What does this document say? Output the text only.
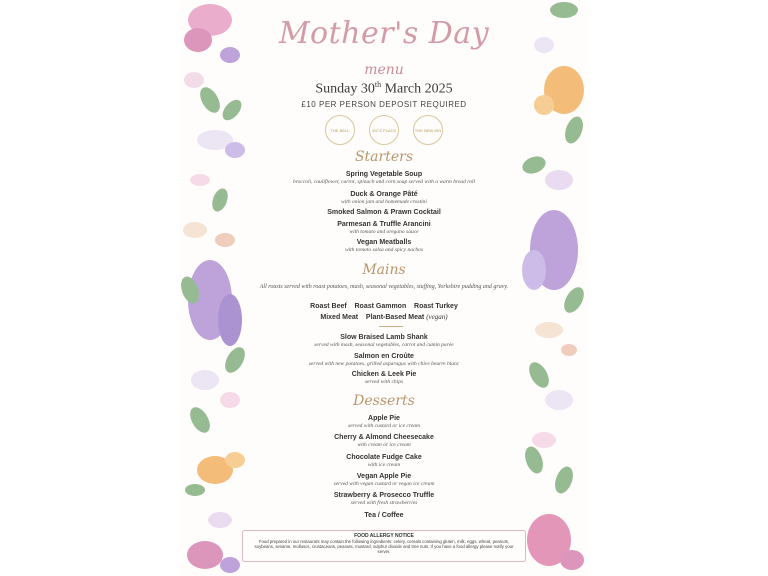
Mother's Day
menu
Sunday 30th March 2025
£10 PER PERSON DEPOSIT REQUIRED
THE BELL	VIC'S PLACE	THE NEW INN
Starters
Spring Vegetable Soup
broccoli, cauliflower, carrot, spinach and corn soup served with a warm bread roll
Duck & Orange Pâté
with onion jam and homemade crostini
Smoked Salmon & Prawn Cocktail
Parmesan & Truffle Arancini
with tomato and oregano sauce
Vegan Meatballs
with tomato salsa and spicy nachos
Mains
All roasts served with roast potatoes, mash, seasonal vegetables, stuffing, Yorkshire pudding and gravy.
Roast Beef Roast Gammon Roast Turkey
Mixed Meat Plant-Based Meat (vegan)
Slow Braised Lamb Shank
served with mash, seasonal vegetables, carrot and cumin purée
Salmon en Croûte
served with new potatoes, grilled asparagus with chive beurre blanc
Chicken & Leek Pie
served with chips
Desserts
Apple Pie
served with custard or ice cream
Cherry & Almond Cheesecake
with cream or ice cream
Chocolate Fudge Cake
with ice cream
Vegan Apple Pie
served with vegan custard or vegan ice cream
Strawberry & Prosecco Truffle
served with fresh strawberries
Tea / Coffee
FOOD ALLERGY NOTICE
Food prepared in our restaurant may contain the following ingredients: celery, cereals containing gluten, milk, eggs, wheat, peanuts, soybeans, sesame, molluscs, crustaceans, peanuts, mustard, sulphur dioxide and tree nuts. If you have a food allergy please notify your server.
